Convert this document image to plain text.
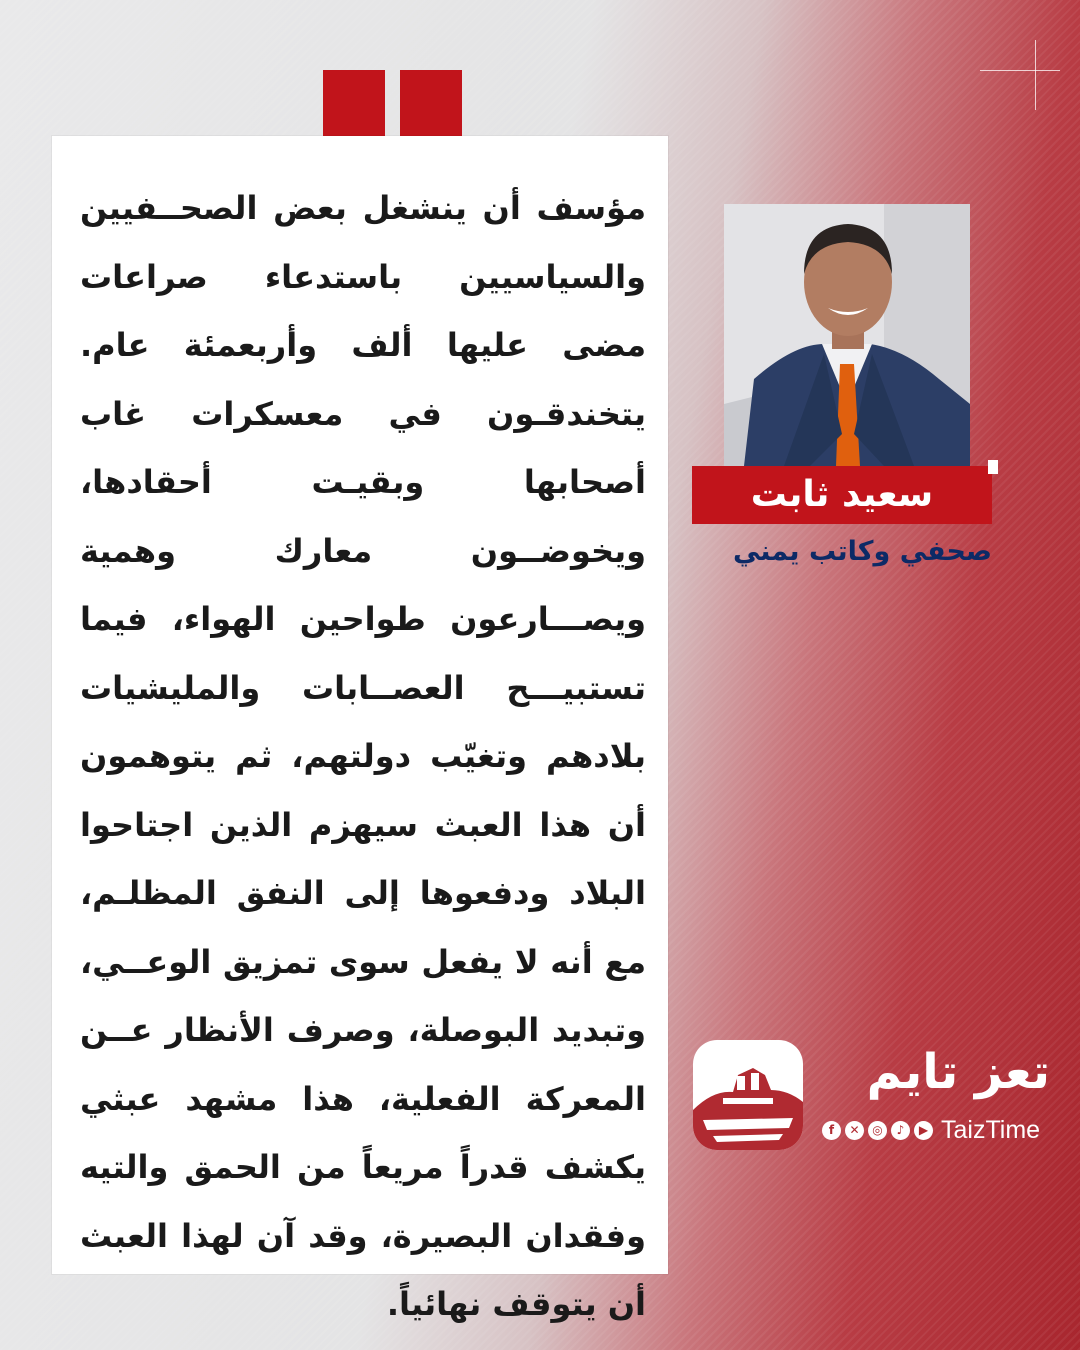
مؤسف أن ينشغل بعض الصحــفيين والسياسيين باستدعاء صراعات مضى عليها ألف وأربعمئة عام. يتخندقـون في معسكرات غاب أصحابها وبقيـت أحقادها، ويخوضــون معارك وهمية ويصـــارعون طواحين الهواء، فيما تستبيـــح العصــابات والمليشيات بلادهم وتغيّب دولتهم، ثم يتوهمون أن هذا العبث سيهزم الذين اجتاحوا البلاد ودفعوها إلى النفق المظلـم، مع أنه لا يفعل سوى تمزيق الوعــي، وتبديد البوصلة، وصرف الأنظار عــن المعركة الفعلية، هذا مشهد عبثي يكشف قدراً مريعاً من الحمق والتيه وفقدان البصيرة، وقد آن لهذا العبث أن يتوقف نهائياً.

سعيد ثابت
صحفي وكاتب يمني
تعز تايم
f	✕	◎	♪	▶ TaizTime
